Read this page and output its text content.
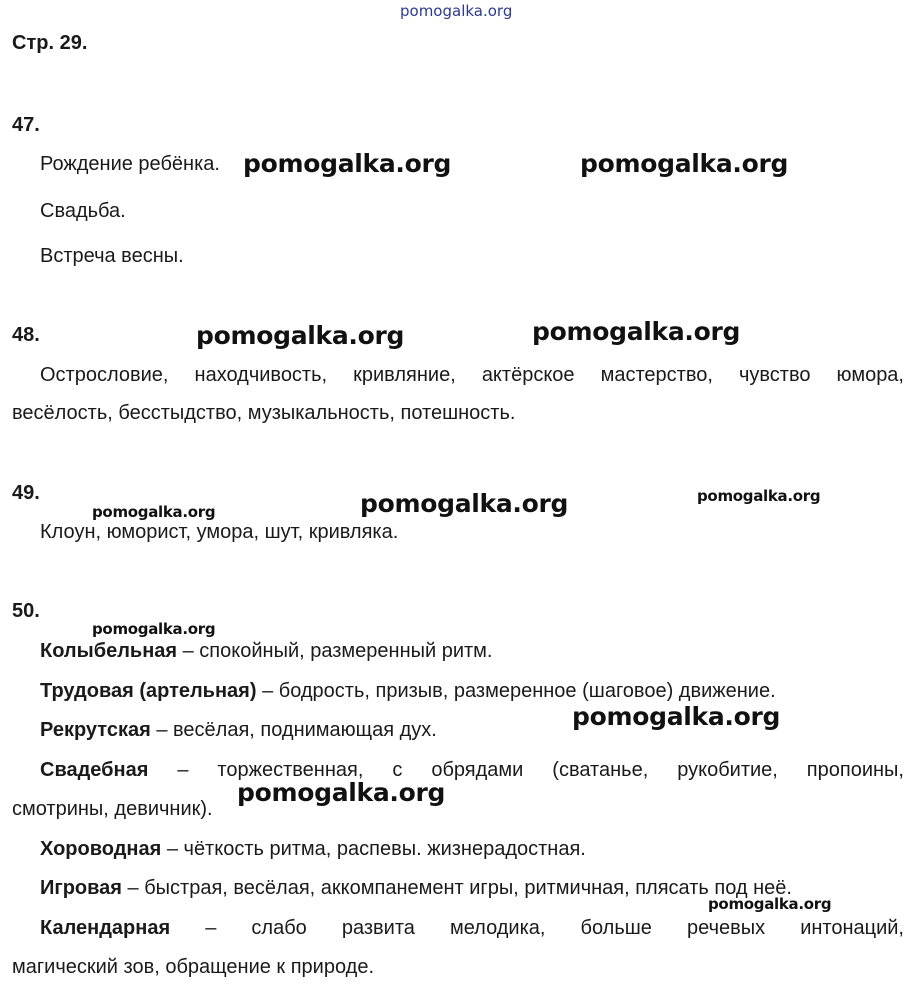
pomogalka.org
Стр. 29.
47.
Рождение ребёнка.
Свадьба.
Встреча весны.
48.
Острословие, находчивость, кривляние, актёрское мастерство, чувство юмора,
весёлость, бесстыдство, музыкальность, потешность.
49.
Клоун, юморист, умора, шут, кривляка.
50.
Колыбельная – спокойный, размеренный ритм.
Трудовая (артельная) – бодрость, призыв, размеренное (шаговое) движение.
Рекрутская – весёлая, поднимающая дух.
Свадебная – торжественная, с обрядами (сватанье, рукобитие, пропоины,
смотрины, девичник).
Хороводная – чёткость ритма, распевы. жизнерадостная.
Игровая – быстрая, весёлая, аккомпанемент игры, ритмичная, плясать под неё.
Календарная – слабо развита мелодика, больше речевых интонаций,
магический зов, обращение к природе.
pomogalka.org	pomogalka.org
pomogalka.org	pomogalka.org
pomogalka.org	pomogalka.org	pomogalka.org
pomogalka.org
pomogalka.org
pomogalka.org
pomogalka.org
